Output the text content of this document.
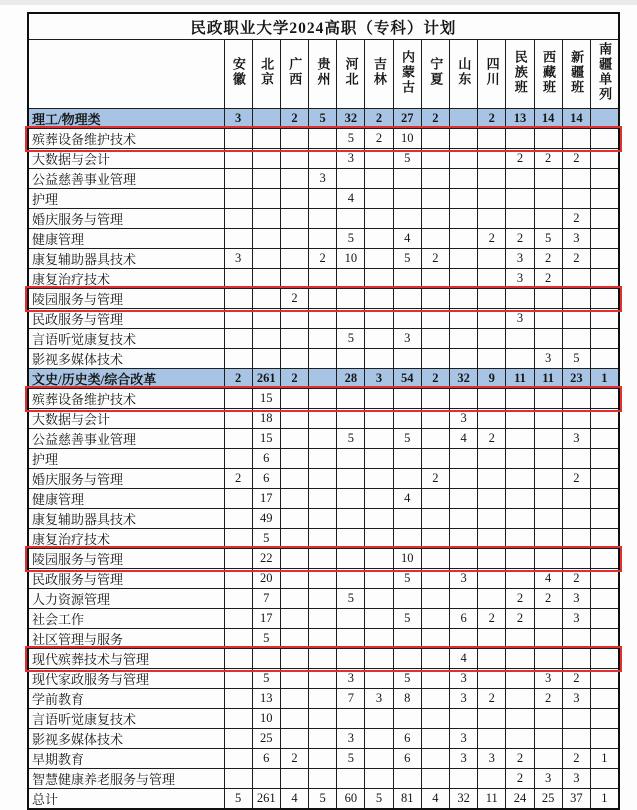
民政职业大学2024高职（专科）计划														
	安徽	北京	广西	贵州	河北	吉林	内蒙古	宁夏	山东	四川	民族班	西藏班	新疆班	南疆单列
理工/物理类	3		2	5	32	2	27	2		2	13	14	14	
殡葬设备维护技术					5	2	10							
大数据与会计					3		5				2	2	2	
公益慈善事业管理				3										
护理					4									
婚庆服务与管理													2	
健康管理					5		4			2	2	5	3	
康复辅助器具技术	3			2	10		5	2			3	2	2	
康复治疗技术											3	2		
陵园服务与管理			2											
民政服务与管理											3			
言语听觉康复技术					5		3							
影视多媒体技术												3	5	
文史/历史类/综合改革	2	261	2		28	3	54	2	32	9	11	11	23	1
殡葬设备维护技术		15												
大数据与会计		18							3					
公益慈善事业管理		15			5		5		4	2			3	
护理		6												
婚庆服务与管理	2	6						2					2	
健康管理		17					4							
康复辅助器具技术		49												
康复治疗技术		5												
陵园服务与管理		22					10							
民政服务与管理		20					5		3			4	2	
人力资源管理		7			5						2	2	3	
社会工作		17					5		6	2	2		3	
社区管理与服务		5												
现代殡葬技术与管理									4					
现代家政服务与管理		5			3		5		3			3	2	
学前教育		13			7	3	8		3	2		2	3	
言语听觉康复技术		10												
影视多媒体技术		25			3		6		3					
早期教育		6	2		5		6		3	3	2		2	1
智慧健康养老服务与管理											2	3	3	
总计	5	261	4	5	60	5	81	4	32	11	24	25	37	1
